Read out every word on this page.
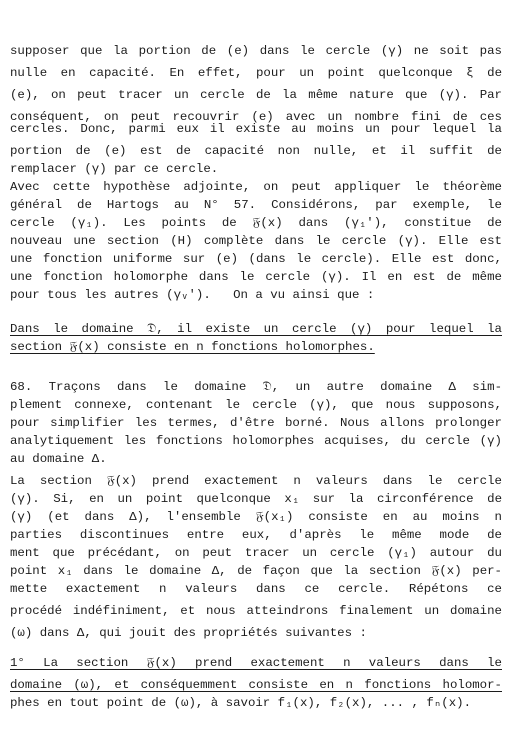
supposer que la portion de (e) dans le cercle (γ) ne soit pas
nulle en capacité. En effet, pour un point quelconque ξ de
(e), on peut tracer un cercle de la même nature que (γ). Par
conséquent, on peut recouvrir (e) avec un nombre fini de ces
cercles. Donc, parmi eux il existe au moins un pour lequel la
portion de (e) est de capacité non nulle, et il suffit de
remplacer (γ) par ce cercle.
Avec cette hypothèse adjointe, on peut appliquer le théorème
général de Hartogs au N° 57. Considérons, par exemple, le
cercle (γ₁). Les points de 𝔉(x) dans (γ₁'), constitue de
nouveau une section (H) complète dans le cercle (γ). Elle est
une fonction uniforme sur (e) (dans le cercle). Elle est donc,
une fonction holomorphe dans le cercle (γ). Il en est de même
pour tous les autres (γᵥ').   On a vu ainsi que :
Dans le domaine 𝔇, il existe un cercle (γ) pour lequel la
section 𝔉(x) consiste en n fonctions holomorphes.
68. Traçons dans le domaine 𝔇, un autre domaine Δ sim-
plement connexe, contenant le cercle (γ), que nous supposons,
pour simplifier les termes, d'être borné. Nous allons prolonger
analytiquement les fonctions holomorphes acquises, du cercle (γ)
au domaine Δ.
La section 𝔉(x) prend exactement n valeurs dans le cercle
(γ). Si, en un point quelconque x₁ sur la circonférence de
(γ) (et dans Δ), l'ensemble 𝔉(x₁) consiste en au moins n
parties discontinues entre eux, d'après le même mode de
ment que précédant, on peut tracer un cercle (γ₁) autour du
point x₁ dans le domaine Δ, de façon que la section 𝔉(x) per-
mette exactement n valeurs dans ce cercle. Répétons ce
procédé indéfiniment, et nous atteindrons finalement un domaine
(ω) dans Δ, qui jouit des propriétés suivantes :
1° La section 𝔉(x) prend exactement n valeurs dans le
domaine (ω), et conséquemment consiste en n fonctions holomor-
phes en tout point de (ω), à savoir f₁(x), f₂(x), ... , fₙ(x).
